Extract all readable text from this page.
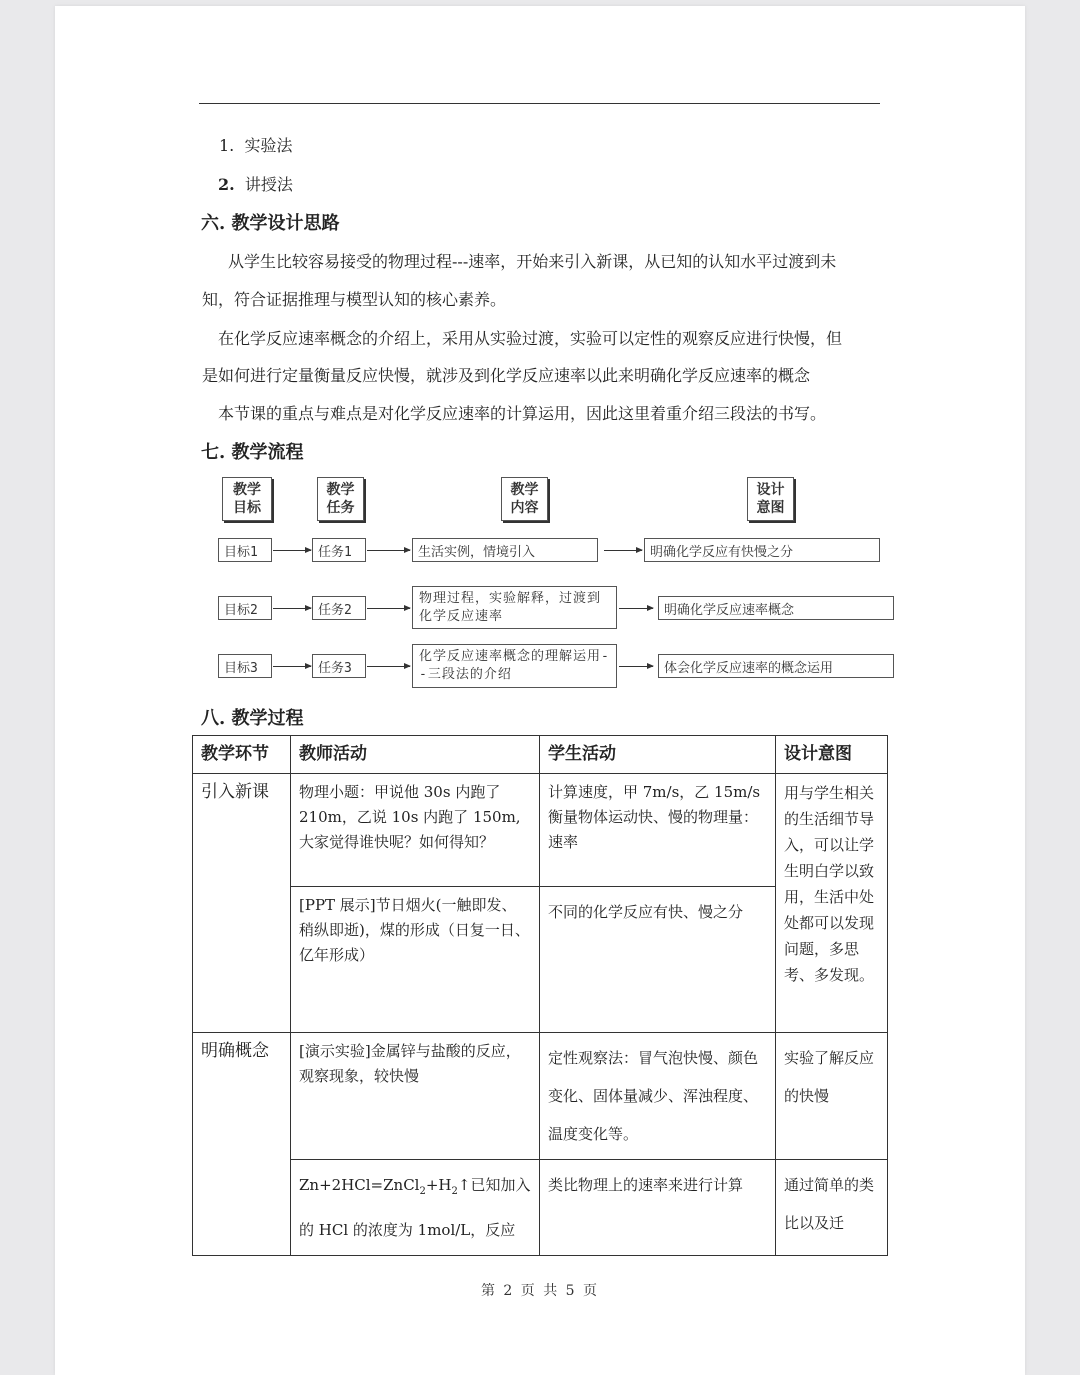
1. 实验法
2. 讲授法
六. 教学设计思路
从学生比较容易接受的物理过程---速率，开始来引入新课，从已知的认知水平过渡到未
知，符合证据推理与模型认知的核心素养。
在化学反应速率概念的介绍上，采用从实验过渡，实验可以定性的观察反应进行快慢，但
是如何进行定量衡量反应快慢，就涉及到化学反应速率以此来明确化学反应速率的概念
本节课的重点与难点是对化学反应速率的计算运用，因此这里着重介绍三段法的书写。
七. 教学流程
教学
目标
教学
任务
教学
内容
设计
意图
目标1	任务1	生活实例，情境引入	明确化学反应有快慢之分
目标2	任务2
物理过程，实验解释，过渡到化学反应速率	明确化学反应速率概念
目标3	任务3
化学反应速率概念的理解运用--三段法的介绍	体会化学反应速率的概念运用
八. 教学过程
教学环节	教师活动	学生活动	设计意图
引入新课	物理小题：甲说他 30s 内跑了 210m，乙说 10s 内跑了 150m,大家觉得谁快呢？如何得知？	计算速度，甲 7m/s，乙 15m/s 衡量物体运动快、慢的物理量：速率	用与学生相关的生活细节导入，可以让学生明白学以致用，生活中处处都可以发现问题，多思考、多发现。
	[PPT 展示]节日烟火(一触即发、稍纵即逝)，煤的形成（日复一日、亿年形成）	不同的化学反应有快、慢之分	
明确概念	[演示实验]金属锌与盐酸的反应，观察现象，较快慢	定性观察法：冒气泡快慢、颜色变化、固体量减少、浑浊程度、温度变化等。	实验了解反应的快慢
	$Zn+2HCl=ZnCl_2+H_2↑$已知加入的 HCl 的浓度为 1mol/L，反应	类比物理上的速率来进行计算	通过简单的类比以及迁
第 2 页 共 5 页
